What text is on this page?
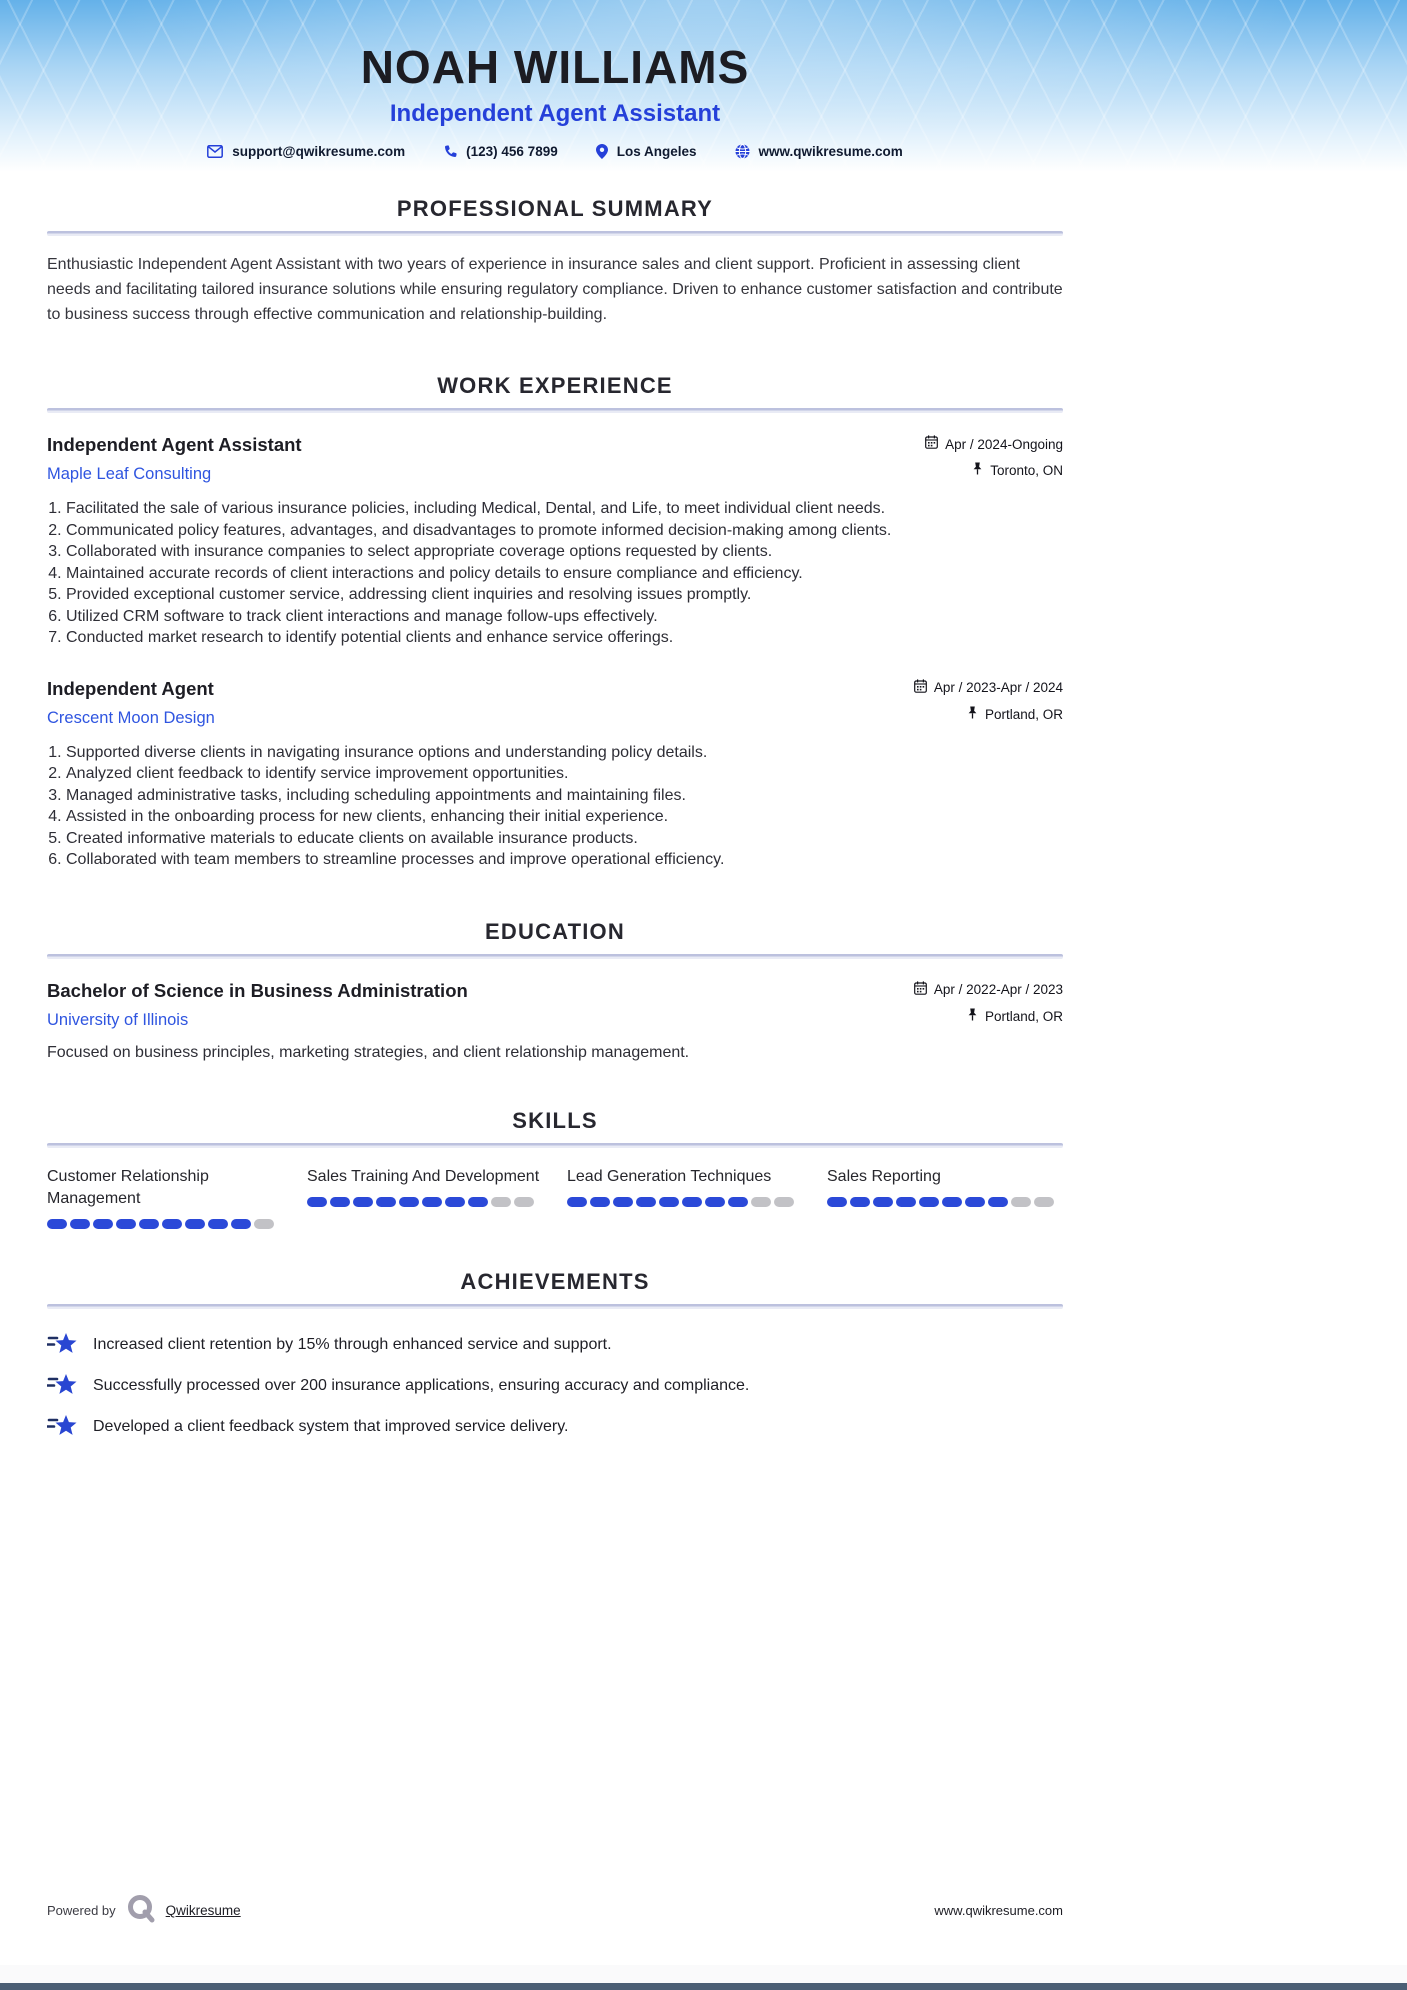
NOAH WILLIAMS
Independent Agent Assistant
support@qwikresume.com	(123) 456 7899	Los Angeles	www.qwikresume.com
PROFESSIONAL SUMMARY

Enthusiastic Independent Agent Assistant with two years of experience in insurance sales and client support. Proficient in assessing client needs and facilitating tailored insurance solutions while ensuring regulatory compliance. Driven to enhance customer satisfaction and contribute to business success through effective communication and relationship-building.

WORK EXPERIENCE
Independent Agent Assistant
Maple Leaf Consulting
Apr / 2024-Ongoing
Toronto, ON
1. Facilitated the sale of various insurance policies, including Medical, Dental, and Life, to meet individual client needs.
2. Communicated policy features, advantages, and disadvantages to promote informed decision-making among clients.
3. Collaborated with insurance companies to select appropriate coverage options requested by clients.
4. Maintained accurate records of client interactions and policy details to ensure compliance and efficiency.
5. Provided exceptional customer service, addressing client inquiries and resolving issues promptly.
6. Utilized CRM software to track client interactions and manage follow-ups effectively.
7. Conducted market research to identify potential clients and enhance service offerings.
Independent Agent
Crescent Moon Design
Apr / 2023-Apr / 2024
Portland, OR
1. Supported diverse clients in navigating insurance options and understanding policy details.
2. Analyzed client feedback to identify service improvement opportunities.
3. Managed administrative tasks, including scheduling appointments and maintaining files.
4. Assisted in the onboarding process for new clients, enhancing their initial experience.
5. Created informative materials to educate clients on available insurance products.
6. Collaborated with team members to streamline processes and improve operational efficiency.
EDUCATION
Bachelor of Science in Business Administration
University of Illinois
Apr / 2022-Apr / 2023
Portland, OR

Focused on business principles, marketing strategies, and client relationship management.

SKILLS
Customer Relationship Management
Sales Training And Development Lead Generation Techniques	Sales Reporting
ACHIEVEMENTS
Increased client retention by 15% through enhanced service and support.
Successfully processed over 200 insurance applications, ensuring accuracy and compliance.
Developed a client feedback system that improved service delivery.
Powered by	Qwikresume	www.qwikresume.com
